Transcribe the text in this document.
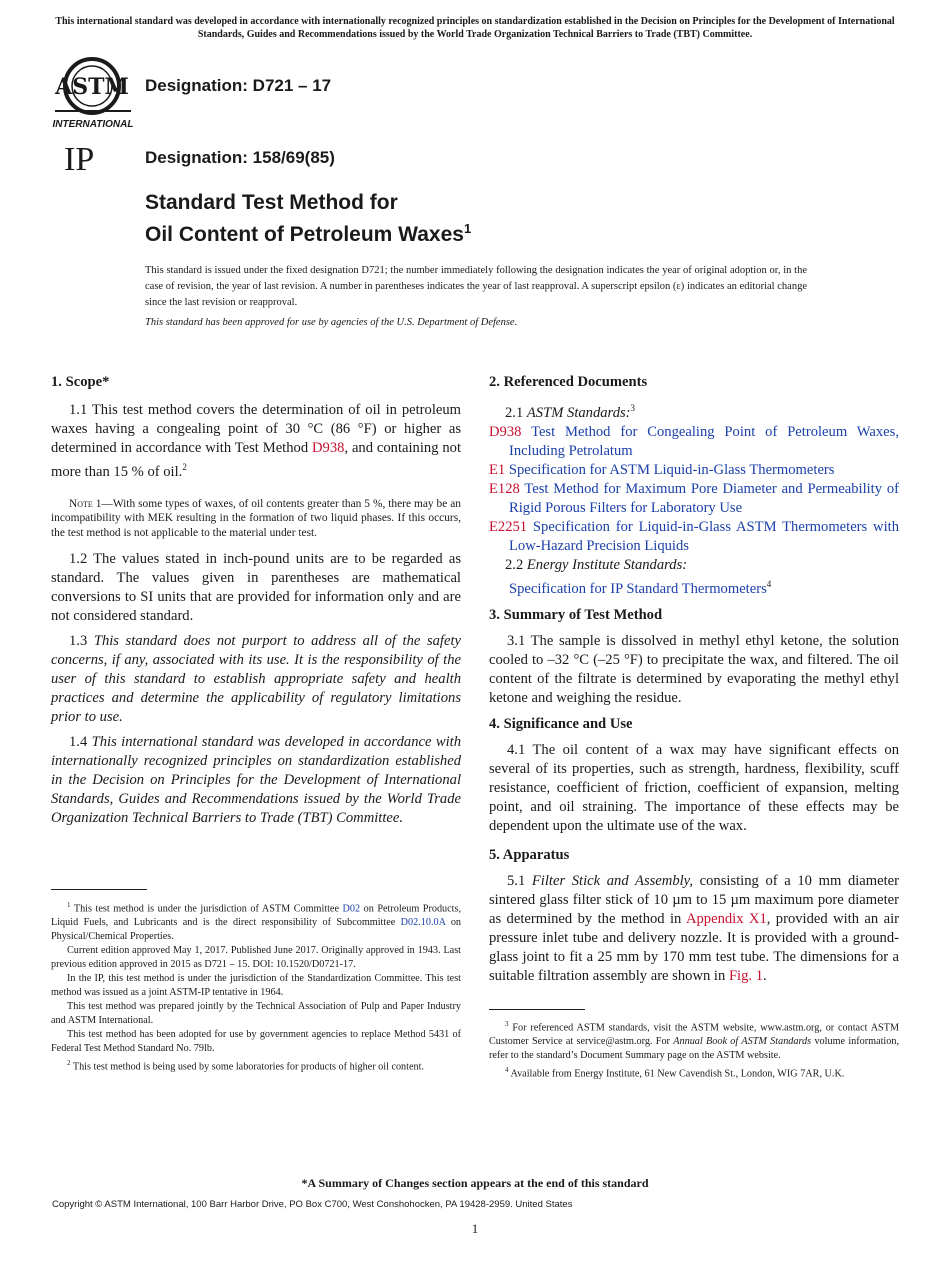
This international standard was developed in accordance with internationally recognized principles on standardization established in the Decision on Principles for the Development of International Standards, Guides and Recommendations issued by the World Trade Organization Technical Barriers to Trade (TBT) Committee.
ASTM
INTERNATIONAL
Designation: D721 – 17
IP	Designation: 158/69(85)
Standard Test Method for
Oil Content of Petroleum Waxes$^1$
This standard is issued under the fixed designation D721; the number immediately following the designation indicates the year of original adoption or, in the case of revision, the year of last revision. A number in parentheses indicates the year of last reapproval. A superscript epsilon (ε) indicates an editorial change since the last revision or reapproval.
This standard has been approved for use by agencies of the U.S. Department of Defense.
1. Scope*

1.1 This test method covers the determination of oil in petroleum waxes having a congealing point of 30 °C (86 °F) or higher as determined in accordance with Test Method D938, and containing not more than 15 % of oil.$^2$

Note 1—With some types of waxes, of oil contents greater than 5 %, there may be an incompatibility with MEK resulting in the formation of two liquid phases. If this occurs, the test method is not applicable to the material under test.

1.2 The values stated in inch-pound units are to be regarded as standard. The values given in parentheses are mathematical conversions to SI units that are provided for information only and are not considered standard.

1.3 This standard does not purport to address all of the safety concerns, if any, associated with its use. It is the responsibility of the user of this standard to establish appropriate safety and health practices and determine the applicability of regulatory limitations prior to use.

1.4 This international standard was developed in accordance with internationally recognized principles on standardization established in the Decision on Principles for the Development of International Standards, Guides and Recommendations issued by the World Trade Organization Technical Barriers to Trade (TBT) Committee.

$^1$ This test method is under the jurisdiction of ASTM Committee D02 on Petroleum Products, Liquid Fuels, and Lubricants and is the direct responsibility of Subcommittee D02.10.0A on Physical/Chemical Properties.

Current edition approved May 1, 2017. Published June 2017. Originally approved in 1943. Last previous edition approved in 2015 as D721 – 15. DOI: 10.1520/D0721-17.

In the IP, this test method is under the jurisdiction of the Standardization Committee. This test method was issued as a joint ASTM-IP tentative in 1964.

This test method was prepared jointly by the Technical Association of Pulp and Paper Industry and ASTM International.

This test method has been adopted for use by government agencies to replace Method 5431 of Federal Test Method Standard No. 79lb.

$^2$ This test method is being used by some laboratories for products of higher oil content.

2. Referenced Documents
2.1 ASTM Standards:$^3$
D938 Test Method for Congealing Point of Petroleum Waxes, Including Petrolatum
E1 Specification for ASTM Liquid-in-Glass Thermometers
E128 Test Method for Maximum Pore Diameter and Permeability of Rigid Porous Filters for Laboratory Use
E2251 Specification for Liquid-in-Glass ASTM Thermometers with Low-Hazard Precision Liquids
2.2 Energy Institute Standards:
Specification for IP Standard Thermometers$^4$
3. Summary of Test Method

3.1 The sample is dissolved in methyl ethyl ketone, the solution cooled to –32 °C (–25 °F) to precipitate the wax, and filtered. The oil content of the filtrate is determined by evaporating the methyl ethyl ketone and weighing the residue.

4. Significance and Use

4.1 The oil content of a wax may have significant effects on several of its properties, such as strength, hardness, flexibility, scuff resistance, coefficient of friction, coefficient of expansion, melting point, and oil straining. The importance of these effects may be dependent upon the ultimate use of the wax.

5. Apparatus

5.1 Filter Stick and Assembly, consisting of a 10 mm diameter sintered glass filter stick of 10 µm to 15 µm maximum pore diameter as determined by the method in Appendix X1, provided with an air pressure inlet tube and delivery nozzle. It is provided with a ground-glass joint to fit a 25 mm by 170 mm test tube. The dimensions for a suitable filtration assembly are shown in Fig. 1.

$^3$ For referenced ASTM standards, visit the ASTM website, www.astm.org, or contact ASTM Customer Service at service@astm.org. For Annual Book of ASTM Standards volume information, refer to the standard’s Document Summary page on the ASTM website.

$^4$ Available from Energy Institute, 61 New Cavendish St., London, WIG 7AR, U.K.

*A Summary of Changes section appears at the end of this standard
Copyright © ASTM International, 100 Barr Harbor Drive, PO Box C700, West Conshohocken, PA 19428-2959. United States
1
